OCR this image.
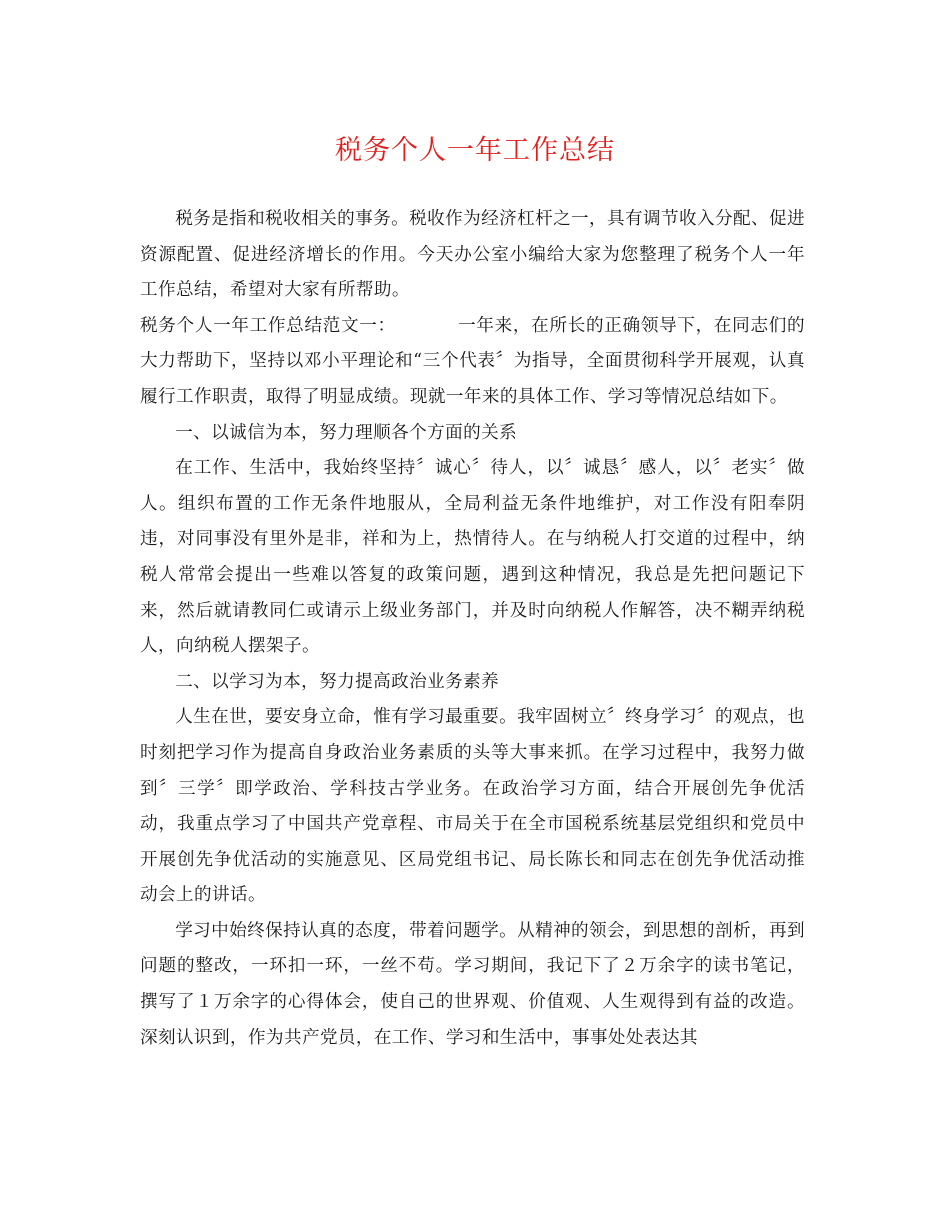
税务个人一年工作总结

税务是指和税收相关的事务。税收作为经济杠杆之一，具有调节收入分配、促进资源配置、促进经济增长的作用。今天办公室小编给大家为您整理了税务个人一年工作总结，希望对大家有所帮助。

税务个人一年工作总结范文一：	一年来，在所长的正确领导下，在同志们的大力帮助下，坚持以邓小平理论和“三个代表〞为指导，全面贯彻科学开展观，认真履行工作职责，取得了明显成绩。现就一年来的具体工作、学习等情况总结如下。

一、以诚信为本，努力理顺各个方面的关系

在工作、生活中，我始终坚持〞诚心〞待人，以〞诚恳〞感人，以〞老实〞做人。组织布置的工作无条件地服从，全局利益无条件地维护，对工作没有阳奉阴违，对同事没有里外是非，祥和为上，热情待人。在与纳税人打交道的过程中，纳税人常常会提出一些难以答复的政策问题，遇到这种情况，我总是先把问题记下来，然后就请教同仁或请示上级业务部门，并及时向纳税人作解答，决不糊弄纳税人，向纳税人摆架子。

二、以学习为本，努力提高政治业务素养

人生在世，要安身立命，惟有学习最重要。我牢固树立〞终身学习〞的观点，也时刻把学习作为提高自身政治业务素质的头等大事来抓。在学习过程中，我努力做到〞三学〞即学政治、学科技古学业务。在政治学习方面，结合开展创先争优活动，我重点学习了中国共产党章程、市局关于在全市国税系统基层党组织和党员中开展创先争优活动的实施意见、区局党组书记、局长陈长和同志在创先争优活动推动会上的讲话。

学习中始终保持认真的态度，带着问题学。从精神的领会，到思想的剖析，再到问题的整改，一环扣一环，一丝不苟。学习期间，我记下了２万余字的读书笔记，撰写了１万余字的心得体会，使自己的世界观、价值观、人生观得到有益的改造。深刻认识到，作为共产党员，在工作、学习和生活中，事事处处表达其
